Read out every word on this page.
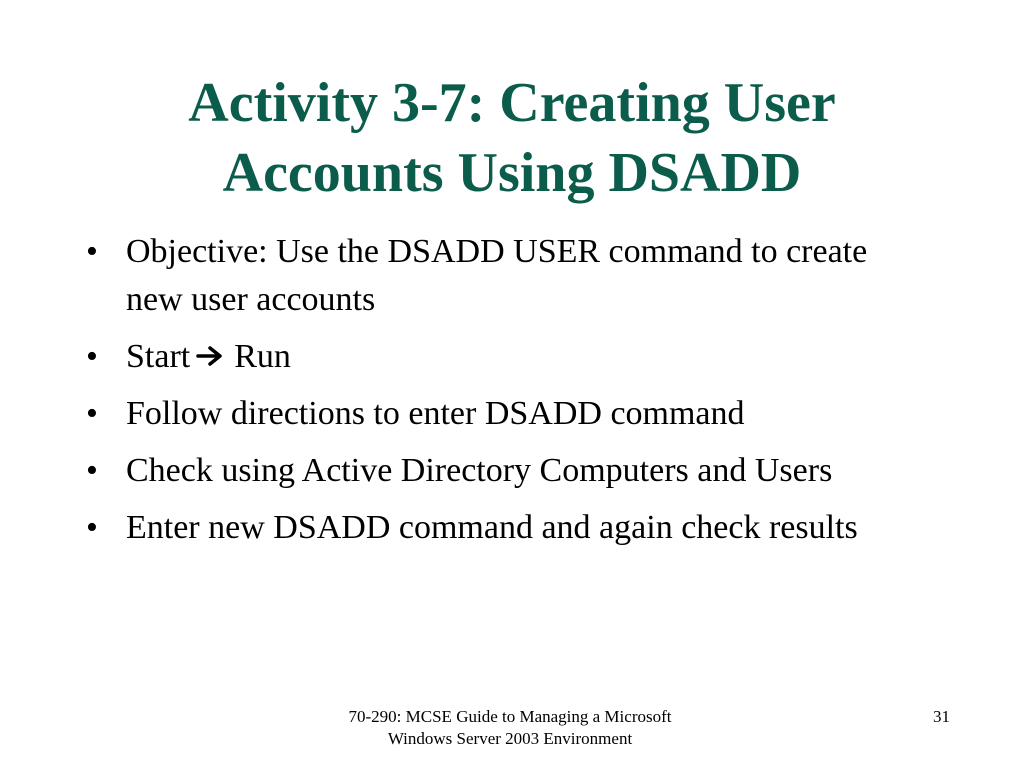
Activity 3-7: Creating User
Accounts Using DSADD
• Objective: Use the DSADD USER command to create new user accounts
• Start Run
• Follow directions to enter DSADD command
• Check using Active Directory Computers and Users
• Enter new DSADD command and again check results
70-290: MCSE Guide to Managing a Microsoft
Windows Server 2003 Environment
31
